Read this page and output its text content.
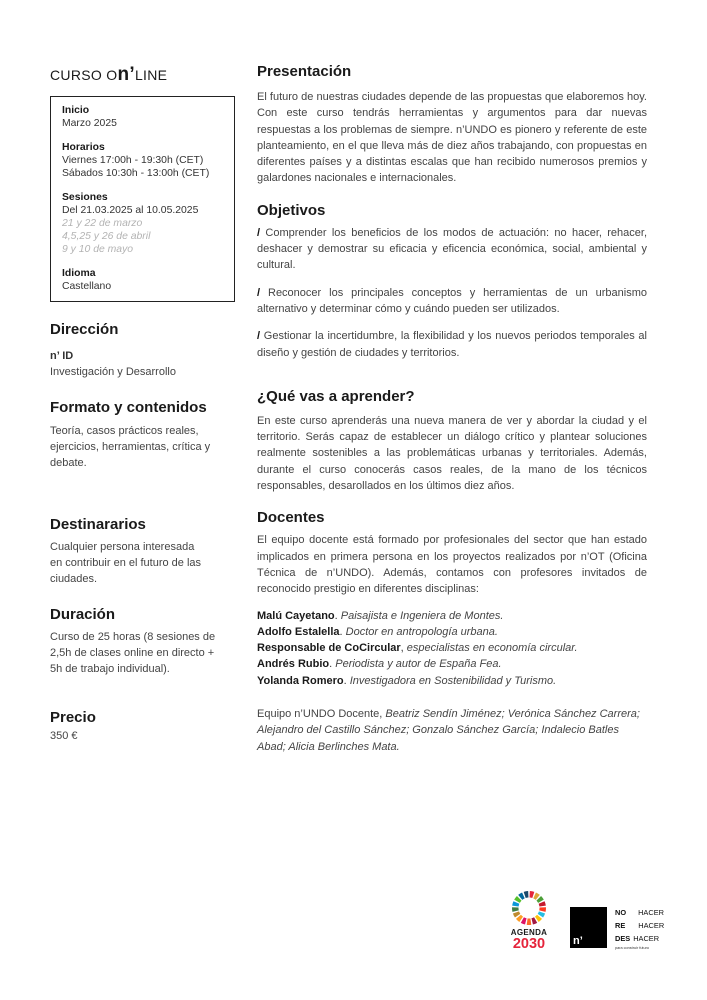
CURSO On’LINE
Inicio
Marzo 2025
Horarios
Viernes 17:00h - 19:30h (CET)
Sábados 10:30h - 13:00h (CET)
Sesiones
Del 21.03.2025 al 10.05.2025
21 y 22 de marzo
4,5,25 y 26 de abril
9 y 10 de mayo
Idioma
Castellano
Dirección
n’ ID
Investigación y Desarrollo
Formato y contenidos
Teoría, casos prácticos reales,
ejercicios, herramientas, crítica y
debate.
Destinararios
Cualquier persona interesada
en contribuir en el futuro de las
ciudades.
Duración
Curso de 25 horas (8 sesiones de
2,5h de clases online en directo +
5h de trabajo individual).
Precio
350 €
Presentación

El futuro de nuestras ciudades depende de las propuestas que elaboremos hoy. Con este curso tendrás herramientas y argumentos para dar nuevas respuestas a los problemas de siempre. n’UNDO es pionero y referente de este planteamiento, en el que lleva más de diez años trabajando, con propuestas en diferentes países y a distintas escalas que han recibido numerosos premios y galardones nacionales e internacionales.

Objetivos

/ Comprender los beneficios de los modos de actuación: no hacer, rehacer, deshacer y demostrar su eficacia y eficencia económica, social, ambiental y cultural.

/ Reconocer los principales conceptos y herramientas de un urbanismo alternativo y determinar cómo y cuándo pueden ser utilizados.

/ Gestionar la incertidumbre, la flexibilidad y los nuevos periodos temporales al diseño y gestión de ciudades y territorios.

¿Qué vas a aprender?

En este curso aprenderás una nueva manera de ver y abordar la ciudad y el territorio. Serás capaz de establecer un diálogo crítico y plantear soluciones realmente sostenibles a las problemáticas urbanas y territoriales. Además, durante el curso conocerás casos reales, de la mano de los técnicos responsables, desarollados en los últimos diez años.

Docentes

El equipo docente está formado por profesionales del sector que han estado implicados en primera persona en los proyectos realizados por n’OT (Oficina Técnica de n’UNDO). Además, contamos con profesores invitados de reconocido prestigio en diferentes disciplinas:

Malú Cayetano. Paisajista e Ingeniera de Montes.
Adolfo Estalella. Doctor en antropología urbana.
Responsable de CoCircular, especialistas en economía circular.
Andrés Rubio. Periodista y autor de España Fea.
Yolanda Romero. Investigadora en Sostenibilidad y Turismo.

Equipo n’UNDO Docente, Beatriz Sendín Jiménez; Verónica Sánchez Carrera; Alejandro del Castillo Sánchez; Gonzalo Sánchez García; Indalecio Batles Abad; Alicia Berlinches Mata.

AGENDA
2030	n’
NO HACER
RE HACER
DES HACER
para construir futuro
